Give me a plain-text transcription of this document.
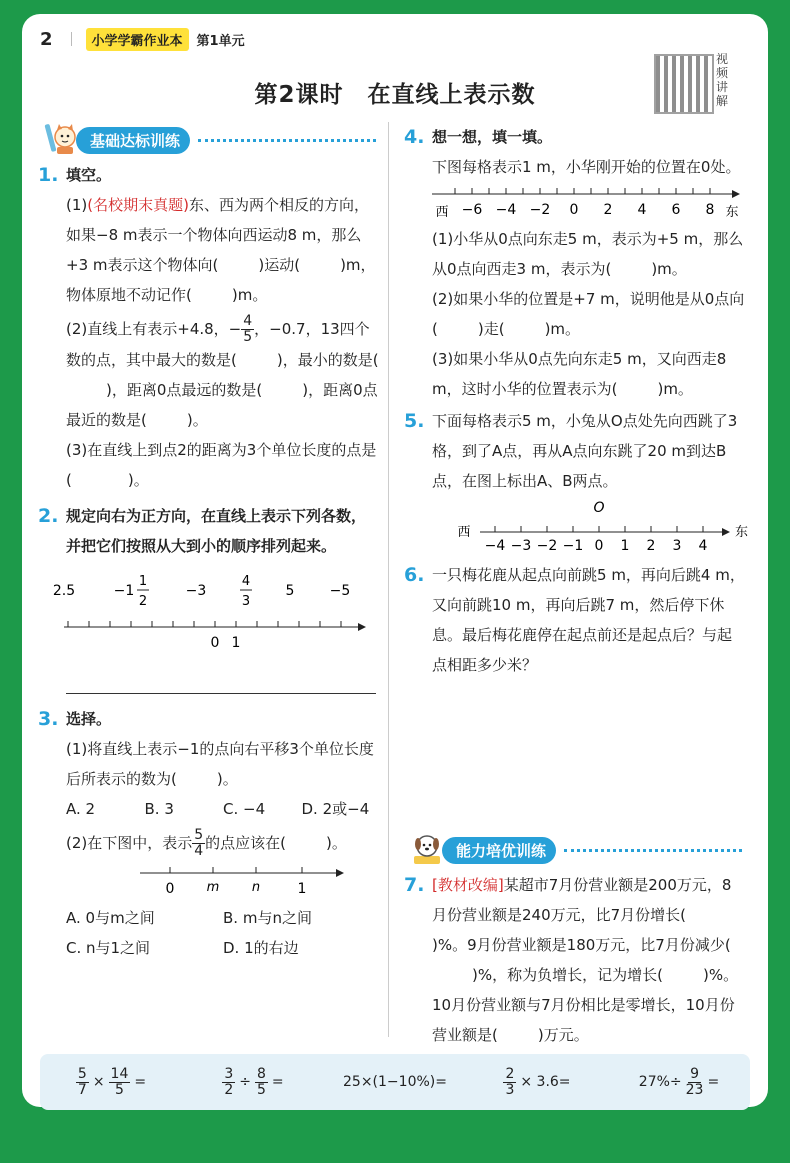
2	小学学霸作业本	第1单元
第2课时　在直线上表示数
视频讲解
基础达标训练
1. 填空。
(1)(名校期末真题)东、西为两个相反的方向，如果−8 m表示一个物体向西运动8 m，那么+3 m表示这个物体向(	)运动(	)m，物体原地不动记作(	)m。
(2)直线上有表示+4.8，− $\frac{4}{5}$ ，−0.7，13四个数的点，其中最大的数是(	)，最小的数是()，距离0点最远的数是(	)，距离0点最近的数是(	)。
(3)在直线上到点2的距离为3个单位长度的点是(	)。
2. 规定向右为正方向，在直线上表示下列各数，并把它们按照从大到小的顺序排列起来。
2.5	−1
1
2
−3
4
3
5	−5
0 1
3. 选择。
(1)将直线上表示−1的点向右平移3个单位长度后所表示的数为(	)。
A. 2	B. 3	C. −4	D. 2或−4
(2)在下图中，表示 $\frac{5}{4}$ 的点应该在(	)。
0 m	n	1
A. 0与m之间	B. m与n之间
C. n与1之间	D. 1的右边
4. 想一想，填一填。
下图每格表示1 m，小华刚开始的位置在0处。
西	东
−6 −4 −2 0 2 4 6 8
(1)小华从0点向东走5 m，表示为+5 m，那么从0点向西走3 m，表示为(	)m。
(2)如果小华的位置是+7 m，说明他是从0点向(	)走(	)m。
(3)如果小华从0点先向东走5 m，又向西走8 m，这时小华的位置表示为(	)m。
5. 下面每格表示5 m，小兔从O点处先向西跳了3格，到了A点，再从A点向东跳了20 m到达B点，在图上标出A、B两点。
O
西	东
−4 −3 −2 −1 0 1 2 3 4
6. 一只梅花鹿从起点向前跳5 m，再向后跳4 m，又向前跳10 m，再向后跳7 m，然后停下休息。最后梅花鹿停在起点前还是起点后？与起点相距多少米？
能力培优训练
7. [教材改编]某超市7月份营业额是200万元，8月份营业额是240万元，比7月份增长()%。9月份营业额是180万元，比7月份减少()%，称为负增长，记为增长(	)%。10月份营业额与7月份相比是零增长，10月份营业额是(	)万元。
$\frac{5}{7} \times \frac{14}{5}$ =	$\frac{3}{2} \div \frac{8}{5}$ =	25×(1−10%)=	$\frac{2}{3} \times 3.6=$	$27\%\div \frac{9}{23}$ =
